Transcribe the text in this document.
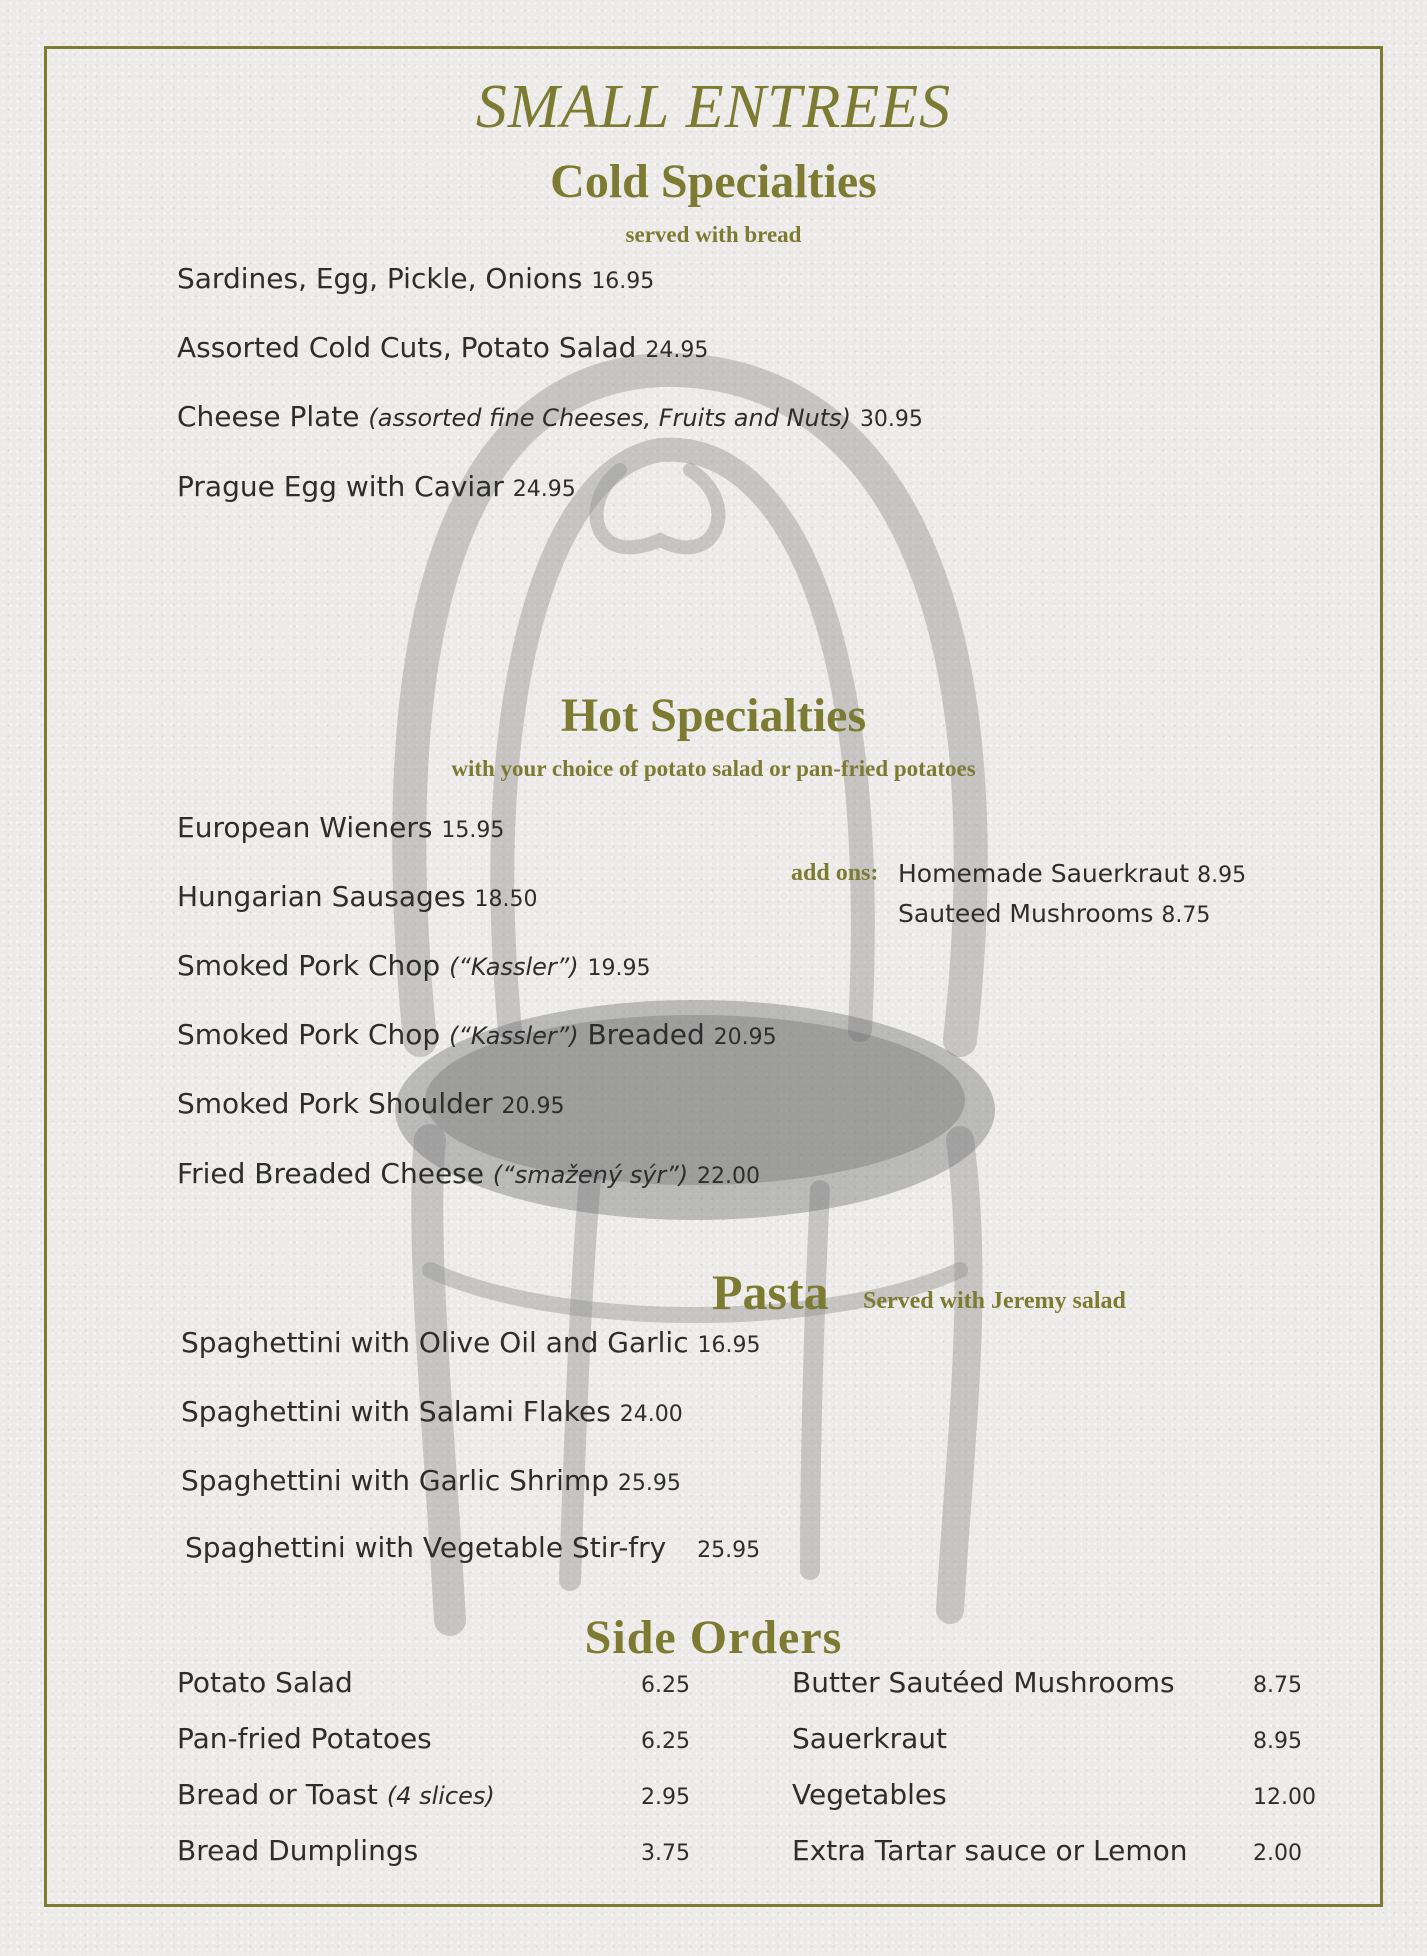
SMALL ENTREES
Cold Specialties

served with bread

Sardines, Egg, Pickle, Onions 16.95

Assorted Cold Cuts, Potato Salad 24.95

Cheese Plate (assorted fine Cheeses, Fruits and Nuts) 30.95

Prague Egg with Caviar 24.95

Hot Specialties

with your choice of potato salad or pan-fried potatoes

European Wieners 15.95

Hungarian Sausages 18.50

Smoked Pork Chop (“Kassler”) 19.95

Smoked Pork Chop (“Kassler”) Breaded 20.95

Smoked Pork Shoulder 20.95

Fried Breaded Cheese (“smažený sýr”) 22.00

add ons: Homemade Sauerkraut 8.95

Sauteed Mushrooms 8.75

Pasta Served with Jeremy salad

Spaghettini with Olive Oil and Garlic 16.95

Spaghettini with Salami Flakes 24.00

Spaghettini with Garlic Shrimp 25.95

Spaghettini with Vegetable Stir-fry 25.95

Side Orders

Potato Salad	6.25

Pan-fried Potatoes	6.25

Bread or Toast (4 slices)	2.95

Bread Dumplings	3.75

Butter Sautéed Mushrooms	8.75

Sauerkraut	8.95

Vegetables	12.00

Extra Tartar sauce or Lemon	2.00
